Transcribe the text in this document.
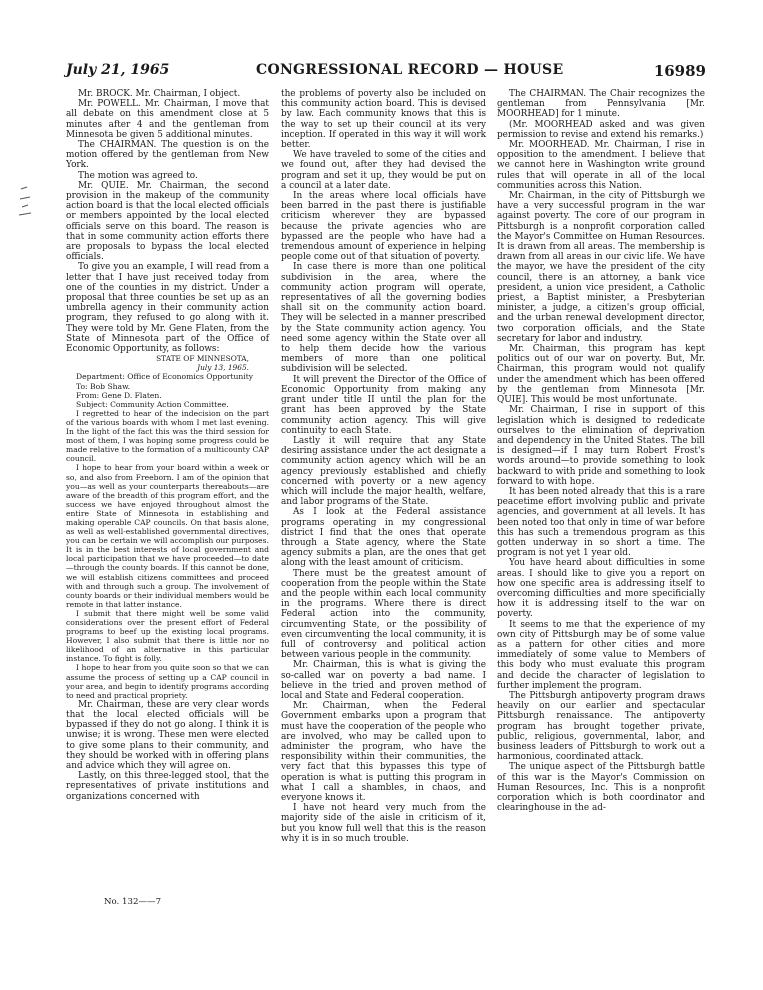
July 21, 1965	CONGRESSIONAL RECORD — HOUSE	16989

Mr. BROCK. Mr. Chairman, I object.

Mr. POWELL. Mr. Chairman, I move that all debate on this amendment close at 5 minutes after 4 and the gentleman from Minnesota be given 5 additional minutes.

The CHAIRMAN. The question is on the motion offered by the gentleman from New York.

The motion was agreed to.

Mr. QUIE. Mr. Chairman, the second provision in the makeup of the community action board is that the local elected officials or members appointed by the local elected officials serve on this board. The reason is that in some community action efforts there are proposals to bypass the local elected officials.

To give you an example, I will read from a letter that I have just received today from one of the counties in my district. Under a proposal that three counties be set up as an umbrella agency in their community action program, they refused to go along with it. They were told by Mr. Gene Flaten, from the State of Minnesota part of the Office of Economic Opportunity, as follows:

STATE OF MINNESOTA,

July 13, 1965.

Department: Office of Economics Opportunity

To: Bob Shaw.

From: Gene D. Flaten.

Subject: Community Action Committee.

I regretted to hear of the indecision on the part of the various boards with whom I met last evening. In the light of the fact this was the third session for most of them, I was hoping some progress could be made relative to the formation of a multicounty CAP council.

I hope to hear from your board within a week or so, and also from Freeborn. I am of the opinion that you—as well as your counterparts thereabouts—are aware of the breadth of this program effort, and the success we have enjoyed throughout almost the entire State of Minnesota in establishing and making operable CAP councils. On that basis alone, as well as well-established governmental directives, you can be certain we will accomplish our purposes. It is in the best interests of local government and local participation that we have proceeded—to date—through the county boards. If this cannot be done, we will establish citizens committees and proceed with and through such a group. The involvement of county boards or their individual members would be remote in that latter instance.

I submit that there might well be some valid considerations over the present effort of Federal programs to beef up the existing local programs. However, I also submit that there is little nor no likelihood of an alternative in this particular instance. To fight is folly.

I hope to hear from you quite soon so that we can assume the process of setting up a CAP council in your area, and begin to identify programs according to need and practical propriety.

Mr. Chairman, these are very clear words that the local elected officials will be bypassed if they do not go along. I think it is unwise; it is wrong. These men were elected to give some plans to their community, and they should be worked with in offering plans and advice which they will agree on.

Lastly, on this three-legged stool, that the representatives of private institutions and organizations concerned with

the problems of poverty also be included on this community action board. This is devised by law. Each community knows that this is the way to set up their council at its very inception. If operated in this way it will work better.

We have traveled to some of the cities and we found out, after they had devised the program and set it up, they would be put on a council at a later date.

In the areas where local officials have been barred in the past there is justifiable criticism wherever they are bypassed because the private agencies who are bypassed are the people who have had a tremendous amount of experience in helping people come out of that situation of poverty.

In case there is more than one political subdivision in the area, where the community action program will operate, representatives of all the governing bodies shall sit on the community action board. They will be selected in a manner prescribed by the State community action agency. You need some agency within the State over all to help them decide how the various members of more than one political subdivision will be selected.

It will prevent the Director of the Office of Economic Opportunity from making any grant under title II until the plan for the grant has been approved by the State community action agency. This will give continuity to each State.

Lastly it will require that any State desiring assistance under the act designate a community action agency which will be an agency previously established and chiefly concerned with poverty or a new agency which will include the major health, welfare, and labor programs of the State.

As I look at the Federal assistance programs operating in my congressional district I find that the ones that operate through a State agency, where the State agency submits a plan, are the ones that get along with the least amount of criticism.

There must be the greatest amount of cooperation from the people within the State and the people within each local community in the programs. Where there is direct Federal action into the community, circumventing State, or the possibility of even circumventing the local community, it is full of controversy and political action between various people in the community.

Mr. Chairman, this is what is giving the so-called war on poverty a bad name. I believe in the tried and proven method of local and State and Federal cooperation.

Mr. Chairman, when the Federal Government embarks upon a program that must have the cooperation of the people who are involved, who may be called upon to administer the program, who have the responsibility within their communities, the very fact that this bypasses this type of operation is what is putting this program in what I call a shambles, in chaos, and everyone knows it.

I have not heard very much from the majority side of the aisle in criticism of it, but you know full well that this is the reason why it is in so much trouble.

The CHAIRMAN. The Chair recognizes the gentleman from Pennsylvania [Mr. MOORHEAD] for 1 minute.

(Mr. MOORHEAD asked and was given permission to revise and extend his remarks.)

Mr. MOORHEAD. Mr. Chairman, I rise in opposition to the amendment. I believe that we cannot here in Washington write ground rules that will operate in all of the local communities across this Nation.

Mr. Chairman, in the city of Pittsburgh we have a very successful program in the war against poverty. The core of our program in Pittsburgh is a nonprofit corporation called the Mayor's Committee on Human Resources. It is drawn from all areas. The membership is drawn from all areas in our civic life. We have the mayor, we have the president of the city council, there is an attorney, a bank vice president, a union vice president, a Catholic priest, a Baptist minister, a Presbyterian minister, a judge, a citizen's group official, and the urban renewal development director, two corporation officials, and the State secretary for labor and industry.

Mr. Chairman, this program has kept politics out of our war on poverty. But, Mr. Chairman, this program would not qualify under the amendment which has been offered by the gentleman from Minnesota [Mr. QUIE]. This would be most unfortunate.

Mr. Chairman, I rise in support of this legislation which is designed to rededicate ourselves to the elimination of deprivation and dependency in the United States. The bill is designed—if I may turn Robert Frost's words around—to provide something to look backward to with pride and something to look forward to with hope.

It has been noted already that this is a rare peacetime effort involving public and private agencies, and government at all levels. It has been noted too that only in time of war before this has such a tremendous program as this gotten underway in so short a time. The program is not yet 1 year old.

You have heard about difficulties in some areas. I should like to give you a report on how one specific area is addressing itself to overcoming difficulties and more specificially how it is addressing itself to the war on poverty.

It seems to me that the experience of my own city of Pittsburgh may be of some value as a pattern for other cities and more immediately of some value to Members of this body who must evaluate this program and decide the character of legislation to further implement the program.

The Pittsburgh antipoverty program draws heavily on our earlier and spectacular Pittsburgh renaissance. The antipoverty program has brought together private, public, religious, governmental, labor, and business leaders of Pittsburgh to work out a harmonious, coordinated attack.

The unique aspect of the Pittsburgh battle of this war is the Mayor's Commission on Human Resources, Inc. This is a nonprofit corporation which is both coordinator and clearinghouse in the ad-

No. 132——7
